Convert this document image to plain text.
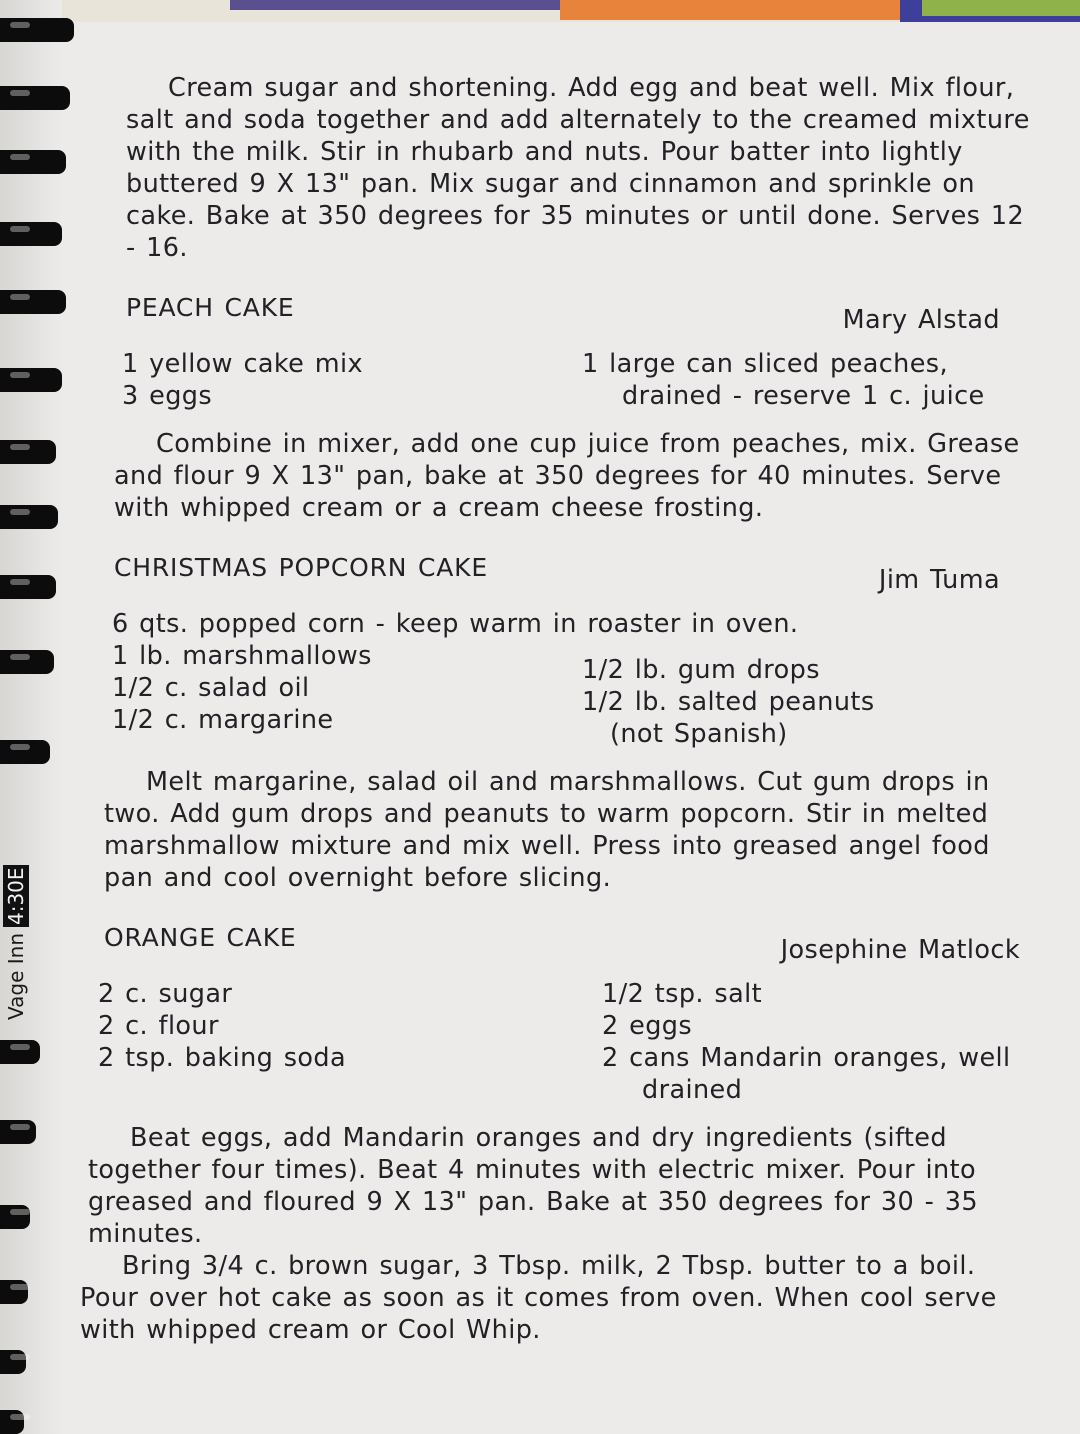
Vage Inn 4:30E

Cream sugar and shortening. Add egg and beat well. Mix flour, salt and soda together and add alternately to the creamed mixture with the milk. Stir in rhubarb and nuts. Pour batter into lightly buttered 9 X 13" pan. Mix sugar and cinnamon and sprinkle on cake. Bake at 350 degrees for 35 minutes or until done. Serves 12 - 16.

PEACH CAKE	Mary Alstad
1 yellow cake mix
3 eggs
1 large can sliced peaches,
drained - reserve 1 c. juice

Combine in mixer, add one cup juice from peaches, mix. Grease and flour 9 X 13" pan, bake at 350 degrees for 40 minutes. Serve with whipped cream or a cream cheese frosting.

CHRISTMAS POPCORN CAKE	Jim Tuma
6 qts. popped corn - keep warm in roaster in oven.
1 lb. marshmallows
1/2 c. salad oil
1/2 c. margarine
1/2 lb. gum drops
1/2 lb. salted peanuts
(not Spanish)

Melt margarine, salad oil and marshmallows. Cut gum drops in two. Add gum drops and peanuts to warm popcorn. Stir in melted marshmallow mixture and mix well. Press into greased angel food pan and cool overnight before slicing.

ORANGE CAKE	Josephine Matlock
2 c. sugar
2 c. flour
2 tsp. baking soda
1/2 tsp. salt
2 eggs
2 cans Mandarin oranges, well
drained

Beat eggs, add Mandarin oranges and dry ingredients (sifted together four times). Beat 4 minutes with electric mixer. Pour into greased and floured 9 X 13" pan. Bake at 350 degrees for 30 - 35 minutes.

Bring 3/4 c. brown sugar, 3 Tbsp. milk, 2 Tbsp. butter to a boil. Pour over hot cake as soon as it comes from oven. When cool serve with whipped cream or Cool Whip.
